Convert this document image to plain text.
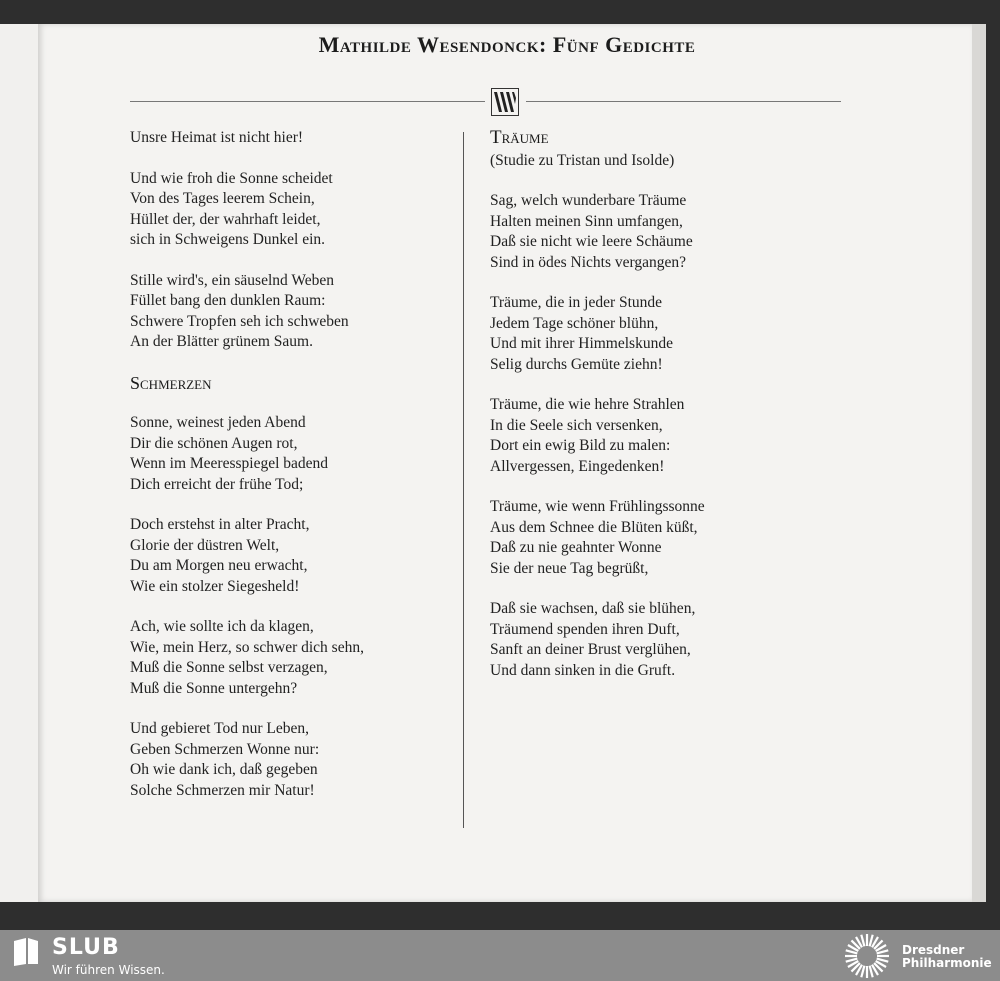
Mathilde Wesendonck: Fünf Gedichte
Unsre Heimat ist nicht hier!
Und wie froh die Sonne scheidet
Von des Tages leerem Schein,
Hüllet der, der wahrhaft leidet,
sich in Schweigens Dunkel ein.
Stille wird's, ein säuselnd Weben
Füllet bang den dunklen Raum:
Schwere Tropfen seh ich schweben
An der Blätter grünem Saum.
Schmerzen
Sonne, weinest jeden Abend
Dir die schönen Augen rot,
Wenn im Meeresspiegel badend
Dich erreicht der frühe Tod;
Doch erstehst in alter Pracht,
Glorie der düstren Welt,
Du am Morgen neu erwacht,
Wie ein stolzer Siegesheld!
Ach, wie sollte ich da klagen,
Wie, mein Herz, so schwer dich sehn,
Muß die Sonne selbst verzagen,
Muß die Sonne untergehn?
Und gebieret Tod nur Leben,
Geben Schmerzen Wonne nur:
Oh wie dank ich, daß gegeben
Solche Schmerzen mir Natur!
Träume
(Studie zu Tristan und Isolde)
Sag, welch wunderbare Träume
Halten meinen Sinn umfangen,
Daß sie nicht wie leere Schäume
Sind in ödes Nichts vergangen?
Träume, die in jeder Stunde
Jedem Tage schöner blühn,
Und mit ihrer Himmelskunde
Selig durchs Gemüte ziehn!
Träume, die wie hehre Strahlen
In die Seele sich versenken,
Dort ein ewig Bild zu malen:
Allvergessen, Eingedenken!
Träume, wie wenn Frühlingssonne
Aus dem Schnee die Blüten küßt,
Daß zu nie geahnter Wonne
Sie der neue Tag begrüßt,
Daß sie wachsen, daß sie blühen,
Träumend spenden ihren Duft,
Sanft an deiner Brust verglühen,
Und dann sinken in die Gruft.
SLUB
Wir führen Wissen.
Dresdner
Philharmonie
